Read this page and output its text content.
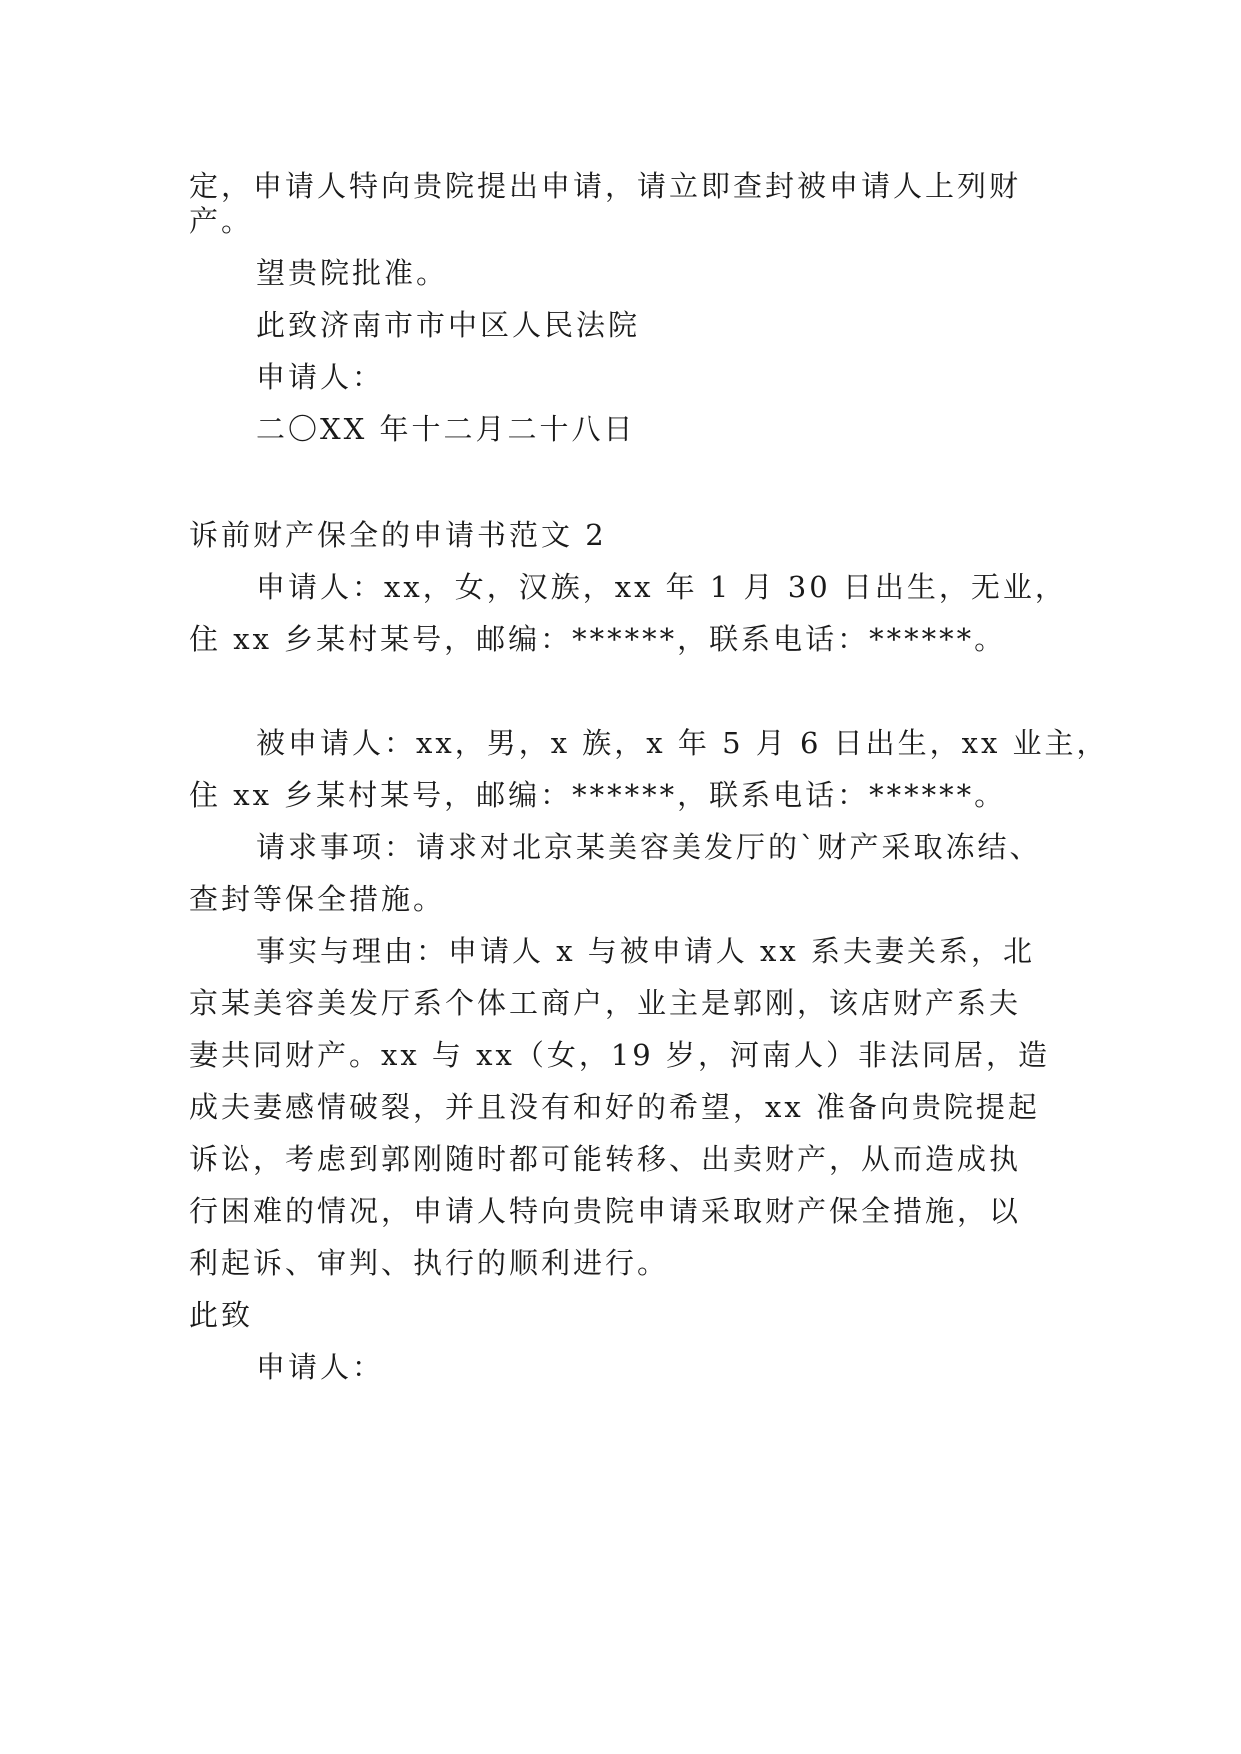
定，申请人特向贵院提出申请，请立即查封被申请人上列财
产。
望贵院批准。
此致济南市市中区人民法院
申请人：
二〇XX 年十二月二十八日
诉前财产保全的申请书范文 2
申请人：xx，女，汉族，xx 年 1 月 30 日出生，无业，
住 xx 乡某村某号，邮编：******，联系电话：******。
被申请人：xx，男，x 族，x 年 5 月 6 日出生，xx 业主，
住 xx 乡某村某号，邮编：******，联系电话：******。
请求事项：请求对北京某美容美发厅的`财产采取冻结、
查封等保全措施。
事实与理由：申请人 x 与被申请人 xx 系夫妻关系，北
京某美容美发厅系个体工商户，业主是郭刚，该店财产系夫
妻共同财产。xx 与 xx（女，19 岁，河南人）非法同居，造
成夫妻感情破裂，并且没有和好的希望，xx 准备向贵院提起
诉讼，考虑到郭刚随时都可能转移、出卖财产，从而造成执
行困难的情况，申请人特向贵院申请采取财产保全措施，以
利起诉、审判、执行的顺利进行。
此致
申请人：
